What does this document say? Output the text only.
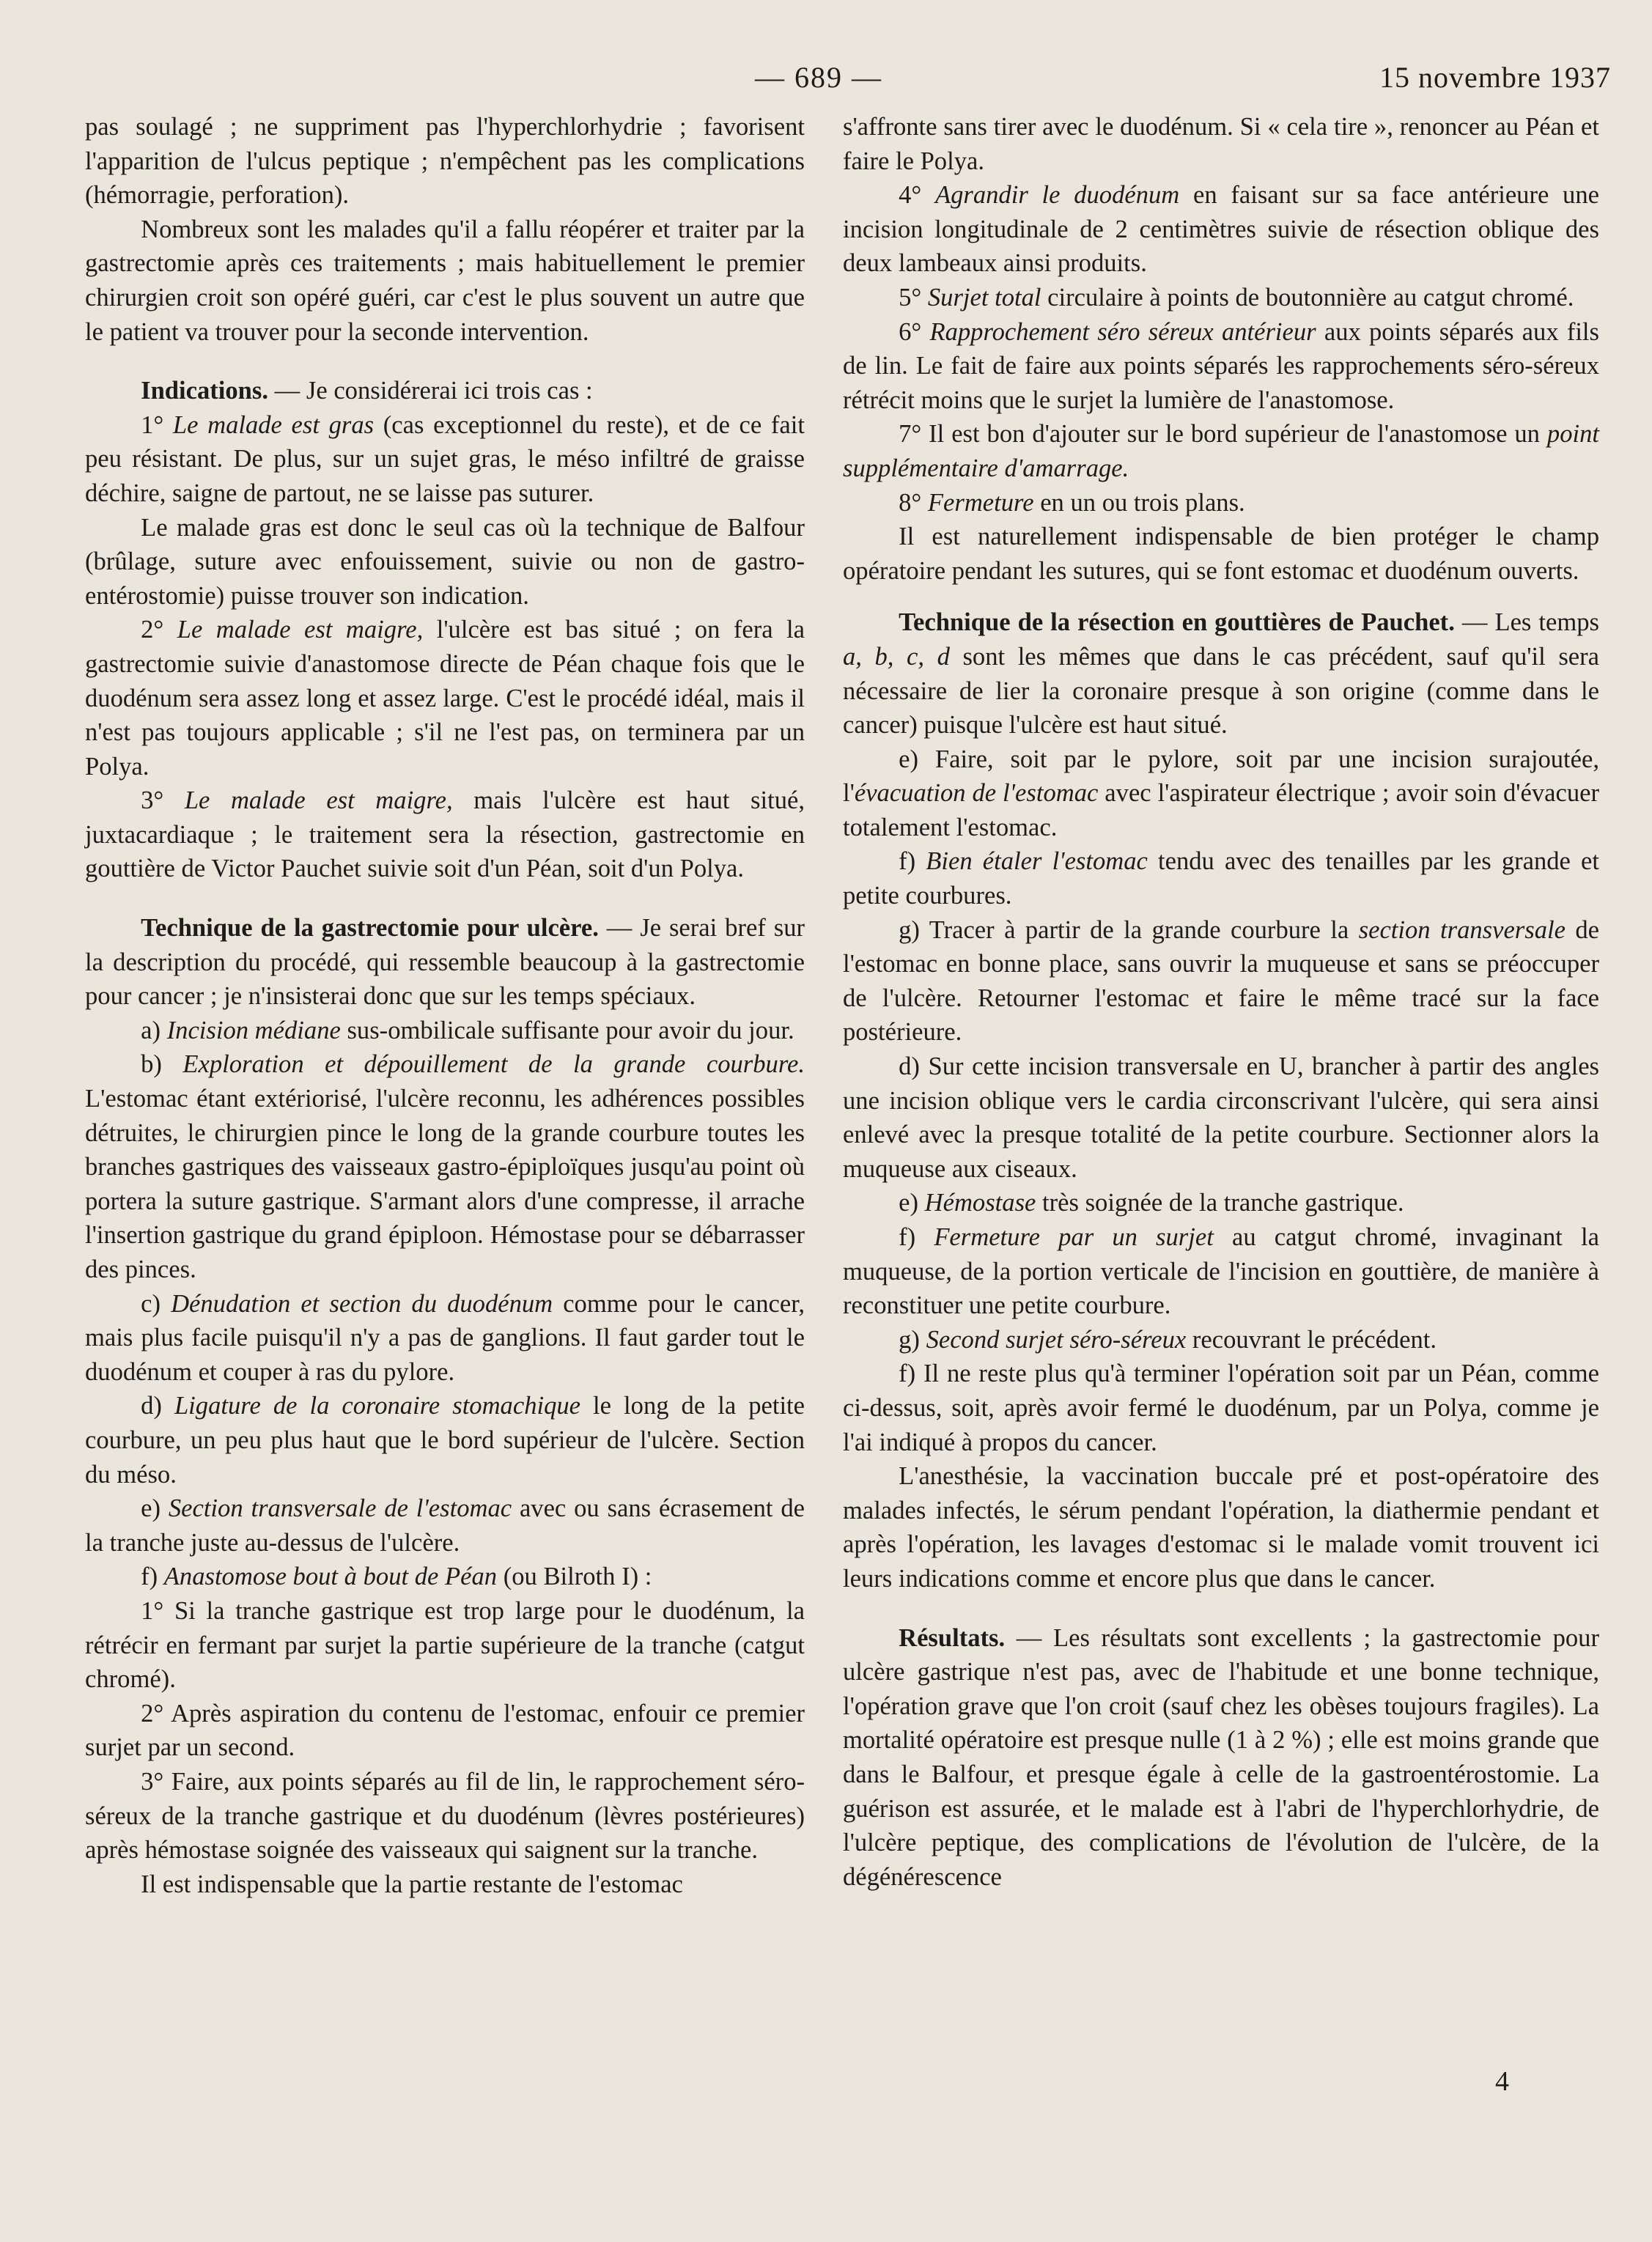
— 689 —	15 novembre 1937

pas soulagé ; ne suppriment pas l'hyperchlorhydrie ; favorisent l'apparition de l'ulcus peptique ; n'empêchent pas les complications (hémorragie, perforation).

Nombreux sont les malades qu'il a fallu réopérer et traiter par la gastrectomie après ces traitements ; mais habituellement le premier chirurgien croit son opéré guéri, car c'est le plus souvent un autre que le patient va trouver pour la seconde intervention.

Indications. — Je considérerai ici trois cas :

1° Le malade est gras (cas exceptionnel du reste), et de ce fait peu résistant. De plus, sur un sujet gras, le méso infiltré de graisse déchire, saigne de partout, ne se laisse pas suturer.

Le malade gras est donc le seul cas où la technique de Balfour (brûlage, suture avec enfouissement, suivie ou non de gastro-entérostomie) puisse trouver son indication.

2° Le malade est maigre, l'ulcère est bas situé ; on fera la gastrectomie suivie d'anastomose directe de Péan chaque fois que le duodénum sera assez long et assez large. C'est le procédé idéal, mais il n'est pas toujours applicable ; s'il ne l'est pas, on terminera par un Polya.

3° Le malade est maigre, mais l'ulcère est haut situé, juxtacardiaque ; le traitement sera la résection, gastrectomie en gouttière de Victor Pauchet suivie soit d'un Péan, soit d'un Polya.

Technique de la gastrectomie pour ulcère. — Je serai bref sur la description du procédé, qui ressemble beaucoup à la gastrectomie pour cancer ; je n'insisterai donc que sur les temps spéciaux.

a) Incision médiane sus-ombilicale suffisante pour avoir du jour.

b) Exploration et dépouillement de la grande courbure. L'estomac étant extériorisé, l'ulcère reconnu, les adhérences possibles détruites, le chirurgien pince le long de la grande courbure toutes les branches gastriques des vaisseaux gastro-épiploïques jusqu'au point où portera la suture gastrique. S'armant alors d'une compresse, il arrache l'insertion gastrique du grand épiploon. Hémostase pour se débarrasser des pinces.

c) Dénudation et section du duodénum comme pour le cancer, mais plus facile puisqu'il n'y a pas de ganglions. Il faut garder tout le duodénum et couper à ras du pylore.

d) Ligature de la coronaire stomachique le long de la petite courbure, un peu plus haut que le bord supérieur de l'ulcère. Section du méso.

e) Section transversale de l'estomac avec ou sans écrasement de la tranche juste au-dessus de l'ulcère.

f) Anastomose bout à bout de Péan (ou Bilroth I) :

1° Si la tranche gastrique est trop large pour le duodénum, la rétrécir en fermant par surjet la partie supérieure de la tranche (catgut chromé).

2° Après aspiration du contenu de l'estomac, enfouir ce premier surjet par un second.

3° Faire, aux points séparés au fil de lin, le rapprochement séro-séreux de la tranche gastrique et du duodénum (lèvres postérieures) après hémostase soignée des vaisseaux qui saignent sur la tranche.

Il est indispensable que la partie restante de l'estomac

s'affronte sans tirer avec le duodénum. Si « cela tire », renoncer au Péan et faire le Polya.

4° Agrandir le duodénum en faisant sur sa face antérieure une incision longitudinale de 2 centimètres suivie de résection oblique des deux lambeaux ainsi produits.

5° Surjet total circulaire à points de boutonnière au catgut chromé.

6° Rapprochement séro séreux antérieur aux points séparés aux fils de lin. Le fait de faire aux points séparés les rapprochements séro-séreux rétrécit moins que le surjet la lumière de l'anastomose.

7° Il est bon d'ajouter sur le bord supérieur de l'anastomose un point supplémentaire d'amarrage.

8° Fermeture en un ou trois plans.

Il est naturellement indispensable de bien protéger le champ opératoire pendant les sutures, qui se font estomac et duodénum ouverts.

Technique de la résection en gouttières de Pauchet. — Les temps a, b, c, d sont les mêmes que dans le cas précédent, sauf qu'il sera nécessaire de lier la coronaire presque à son origine (comme dans le cancer) puisque l'ulcère est haut situé.

e) Faire, soit par le pylore, soit par une incision surajoutée, l'évacuation de l'estomac avec l'aspirateur électrique ; avoir soin d'évacuer totalement l'estomac.

f) Bien étaler l'estomac tendu avec des tenailles par les grande et petite courbures.

g) Tracer à partir de la grande courbure la section transversale de l'estomac en bonne place, sans ouvrir la muqueuse et sans se préoccuper de l'ulcère. Retourner l'estomac et faire le même tracé sur la face postérieure.

d) Sur cette incision transversale en U, brancher à partir des angles une incision oblique vers le cardia circonscrivant l'ulcère, qui sera ainsi enlevé avec la presque totalité de la petite courbure. Sectionner alors la muqueuse aux ciseaux.

e) Hémostase très soignée de la tranche gastrique.

f) Fermeture par un surjet au catgut chromé, invaginant la muqueuse, de la portion verticale de l'incision en gouttière, de manière à reconstituer une petite courbure.

g) Second surjet séro-séreux recouvrant le précédent.

f) Il ne reste plus qu'à terminer l'opération soit par un Péan, comme ci-dessus, soit, après avoir fermé le duodénum, par un Polya, comme je l'ai indiqué à propos du cancer.

L'anesthésie, la vaccination buccale pré et post-opératoire des malades infectés, le sérum pendant l'opération, la diathermie pendant et après l'opération, les lavages d'estomac si le malade vomit trouvent ici leurs indications comme et encore plus que dans le cancer.

Résultats. — Les résultats sont excellents ; la gastrectomie pour ulcère gastrique n'est pas, avec de l'habitude et une bonne technique, l'opération grave que l'on croit (sauf chez les obèses toujours fragiles). La mortalité opératoire est presque nulle (1 à 2 %) ; elle est moins grande que dans le Balfour, et presque égale à celle de la gastroentérostomie. La guérison est assurée, et le malade est à l'abri de l'hyperchlorhydrie, de l'ulcère peptique, des complications de l'évolution de l'ulcère, de la dégénérescence

4
